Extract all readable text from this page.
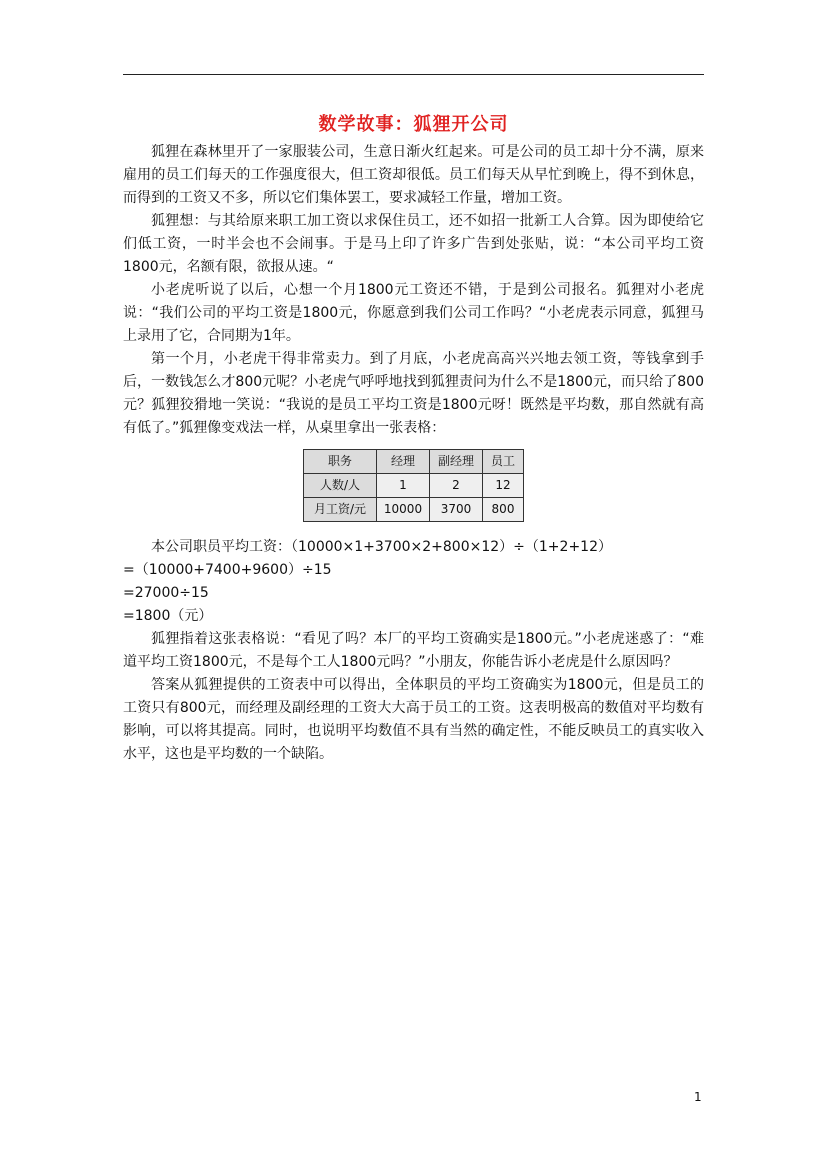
数学故事：狐狸开公司

狐狸在森林里开了一家服装公司，生意日渐火红起来。可是公司的员工却十分不满，原来雇用的员工们每天的工作强度很大，但工资却很低。员工们每天从早忙到晚上，得不到休息，而得到的工资又不多，所以它们集体罢工，要求减轻工作量，增加工资。

狐狸想：与其给原来职工加工资以求保住员工，还不如招一批新工人合算。因为即使给它们低工资，一时半会也不会闹事。于是马上印了许多广告到处张贴，说：“本公司平均工资1800元，名额有限，欲报从速。“

小老虎听说了以后，心想一个月1800元工资还不错，于是到公司报名。狐狸对小老虎说：“我们公司的平均工资是1800元，你愿意到我们公司工作吗？“小老虎表示同意，狐狸马上录用了它，合同期为1年。

第一个月，小老虎干得非常卖力。到了月底，小老虎高高兴兴地去领工资，等钱拿到手后，一数钱怎么才800元呢？小老虎气呼呼地找到狐狸责问为什么不是1800元，而只给了800元？狐狸狡猾地一笑说：“我说的是员工平均工资是1800元呀！既然是平均数，那自然就有高有低了。”狐狸像变戏法一样，从桌里拿出一张表格：

职务	经理	副经理	员工
人数/人	1	2	12
月工资/元	10000	3700	800

本公司职员平均工资：（10000×1+3700×2+800×12）÷（1+2+12）

=（10000+7400+9600）÷15

=27000÷15

=1800（元）

狐狸指着这张表格说：“看见了吗？本厂的平均工资确实是1800元。”小老虎迷惑了：“难道平均工资1800元，不是每个工人1800元吗？”小朋友，你能告诉小老虎是什么原因吗？

答案从狐狸提供的工资表中可以得出，全体职员的平均工资确实为1800元，但是员工的工资只有800元，而经理及副经理的工资大大高于员工的工资。这表明极高的数值对平均数有影响，可以将其提高。同时，也说明平均数值不具有当然的确定性，不能反映员工的真实收入水平，这也是平均数的一个缺陷。

1
